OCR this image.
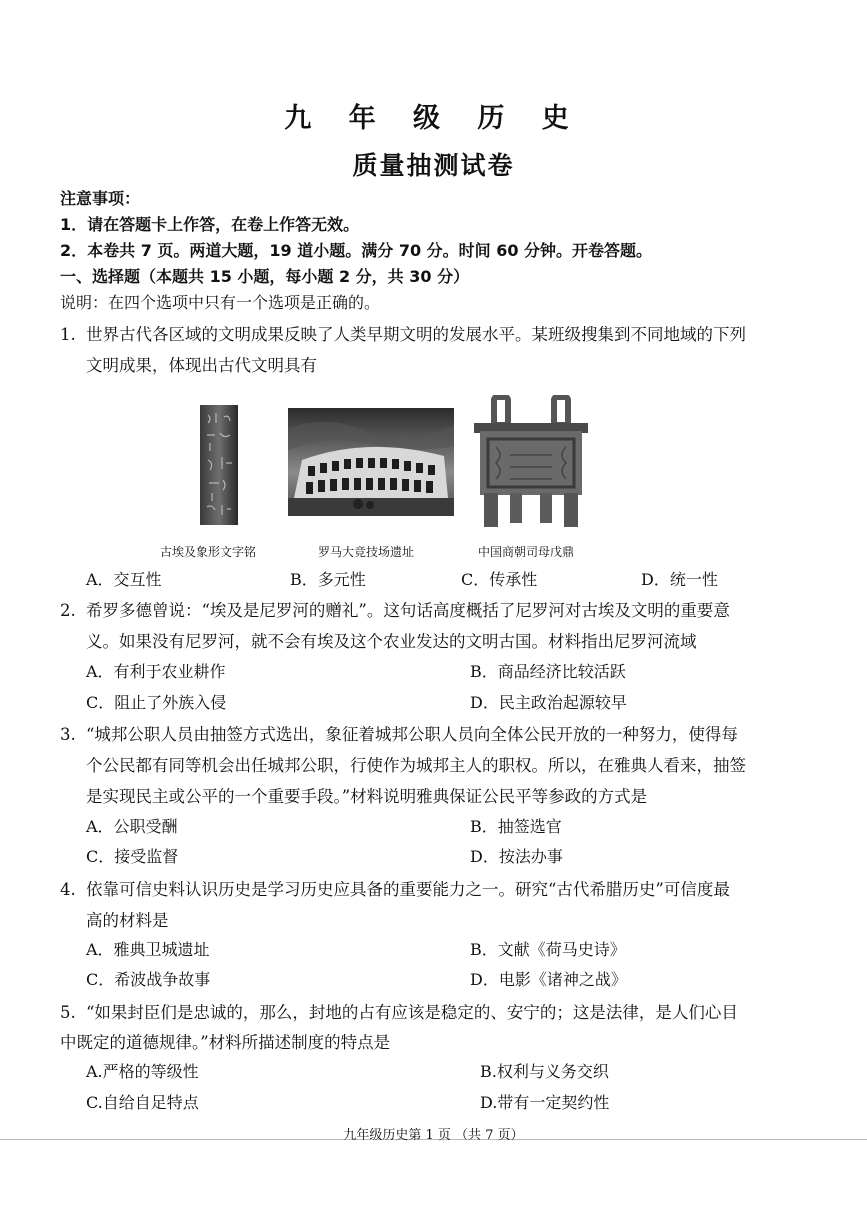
九 年 级 历 史
质量抽测试卷
注意事项：
1．请在答题卡上作答，在卷上作答无效。
2．本卷共 7 页。两道大题，19 道小题。满分 70 分。时间 60 分钟。开卷答题。
一、选择题（本题共 15 小题，每小题 2 分，共 30 分）
说明：在四个选项中只有一个选项是正确的。
1. 世界古代各区域的文明成果反映了人类早期文明的发展水平。某班级搜集到不同地域的下列
文明成果，体现出古代文明具有
古埃及象形文字铭	罗马大竞技场遗址	中国商朝司母戊鼎
A．交互性	B．多元性	C．传承性	D．统一性
2. 希罗多德曾说：“埃及是尼罗河的赠礼”。这句话高度概括了尼罗河对古埃及文明的重要意
义。如果没有尼罗河，就不会有埃及这个农业发达的文明古国。材料指出尼罗河流域
A．有利于农业耕作	B．商品经济比较活跃
C．阻止了外族入侵	D．民主政治起源较早
3. “城邦公职人员由抽签方式选出，象征着城邦公职人员向全体公民开放的一种努力，使得每
个公民都有同等机会出任城邦公职，行使作为城邦主人的职权。所以，在雅典人看来，抽签
是实现民主或公平的一个重要手段。”材料说明雅典保证公民平等参政的方式是
A．公职受酬	B．抽签选官
C．接受监督	D．按法办事
4. 依靠可信史料认识历史是学习历史应具备的重要能力之一。研究“古代希腊历史”可信度最
高的材料是
A．雅典卫城遗址	B．文献《荷马史诗》
C．希波战争故事	D．电影《诸神之战》
5. “如果封臣们是忠诚的，那么，封地的占有应该是稳定的、安宁的；这是法律，是人们心目
中既定的道德规律。”材料所描述制度的特点是
A.严格的等级性	B.权利与义务交织
C.自给自足特点	D.带有一定契约性
九年级历史第 1 页 （共 7 页）
